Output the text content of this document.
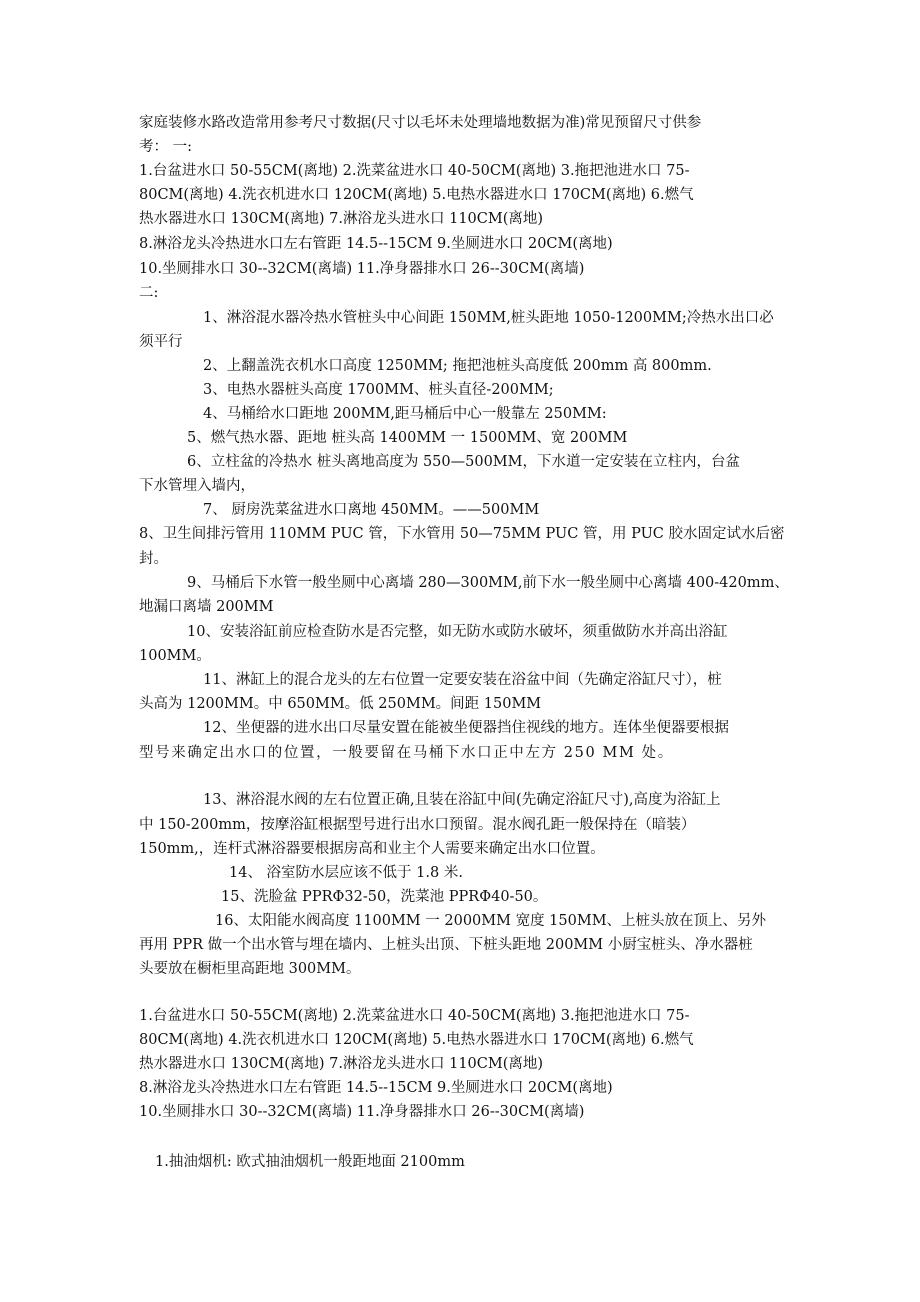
家庭装修水路改造常用参考尺寸数据(尺寸以毛坏未处理墙地数据为准)常见预留尺寸供参
考： 一:
1.台盆进水口 50-55CM(离地) 2.洗菜盆进水口 40-50CM(离地) 3.拖把池进水口 75-
80CM(离地) 4.洗衣机进水口 120CM(离地) 5.电热水器进水口 170CM(离地) 6.燃气
热水器进水口 130CM(离地) 7.淋浴龙头进水口 110CM(离地)
8.淋浴龙头冷热进水口左右管距 14.5--15CM 9.坐厕进水口 20CM(离地)
10.坐厕排水口 30--32CM(离墙) 11.净身器排水口 26--30CM(离墙)
二:
1、淋浴混水器冷热水管桩头中心间距 150MM,桩头距地 1050-1200MM;冷热水出口必
须平行
2、上翻盖洗衣机水口高度 1250MM; 拖把池桩头高度低 200mm 高 800mm.
3、电热水器桩头高度 1700MM、桩头直径-200MM;
4、马桶给水口距地 200MM,距马桶后中心一般靠左 250MM:
5、燃气热水器、距地 桩头高 1400MM 一 1500MM、宽 200MM
6、立柱盆的冷热水 桩头离地高度为 550—500MM，下水道一定安装在立柱内，台盆
下水管埋入墙内，
7、 厨房洗菜盆进水口离地 450MM。——500MM
8、卫生间排污管用 110MM PUC 管，下水管用 50—75MM PUC 管，用 PUC 胶水固定试水后密
封。
9、马桶后下水管一般坐厕中心离墙 280—300MM,前下水一般坐厕中心离墙 400-420mm、
地漏口离墙 200MM
10、安装浴缸前应检查防水是否完整，如无防水或防水破坏，须重做防水并高出浴缸
100MM。
11、淋缸上的混合龙头的左右位置一定要安装在浴盆中间（先确定浴缸尺寸），桩
头高为 1200MM。中 650MM。低 250MM。间距 150MM
12、坐便器的进水出口尽量安置在能被坐便器挡住视线的地方。连体坐便器要根据
型号来确定出水口的位置，一般要留在马桶下水口正中左方 250 MM 处。
13、淋浴混水阀的左右位置正确,且装在浴缸中间(先确定浴缸尺寸),高度为浴缸上
中 150-200mm，按摩浴缸根据型号进行出水口预留。混水阀孔距一般保持在（暗装）
150mm,，连杆式淋浴器要根据房高和业主个人需要来确定出水口位置。
14、 浴室防水层应该不低于 1.8 米.
15、洗脸盆 PPRΦ32-50，洗菜池 PPRΦ40-50。
16、太阳能水阀高度 1100MM 一 2000MM 宽度 150MM、上桩头放在顶上、另外
再用 PPR 做一个出水管与埋在墙内、上桩头出顶、下桩头距地 200MM 小厨宝桩头、净水器桩
头要放在橱柜里高距地 300MM。
1.台盆进水口 50-55CM(离地) 2.洗菜盆进水口 40-50CM(离地) 3.拖把池进水口 75-
80CM(离地) 4.洗衣机进水口 120CM(离地) 5.电热水器进水口 170CM(离地) 6.燃气
热水器进水口 130CM(离地) 7.淋浴龙头进水口 110CM(离地)
8.淋浴龙头冷热进水口左右管距 14.5--15CM 9.坐厕进水口 20CM(离地)
10.坐厕排水口 30--32CM(离墙) 11.净身器排水口 26--30CM(离墙)
1.抽油烟机: 欧式抽油烟机一般距地面 2100mm
